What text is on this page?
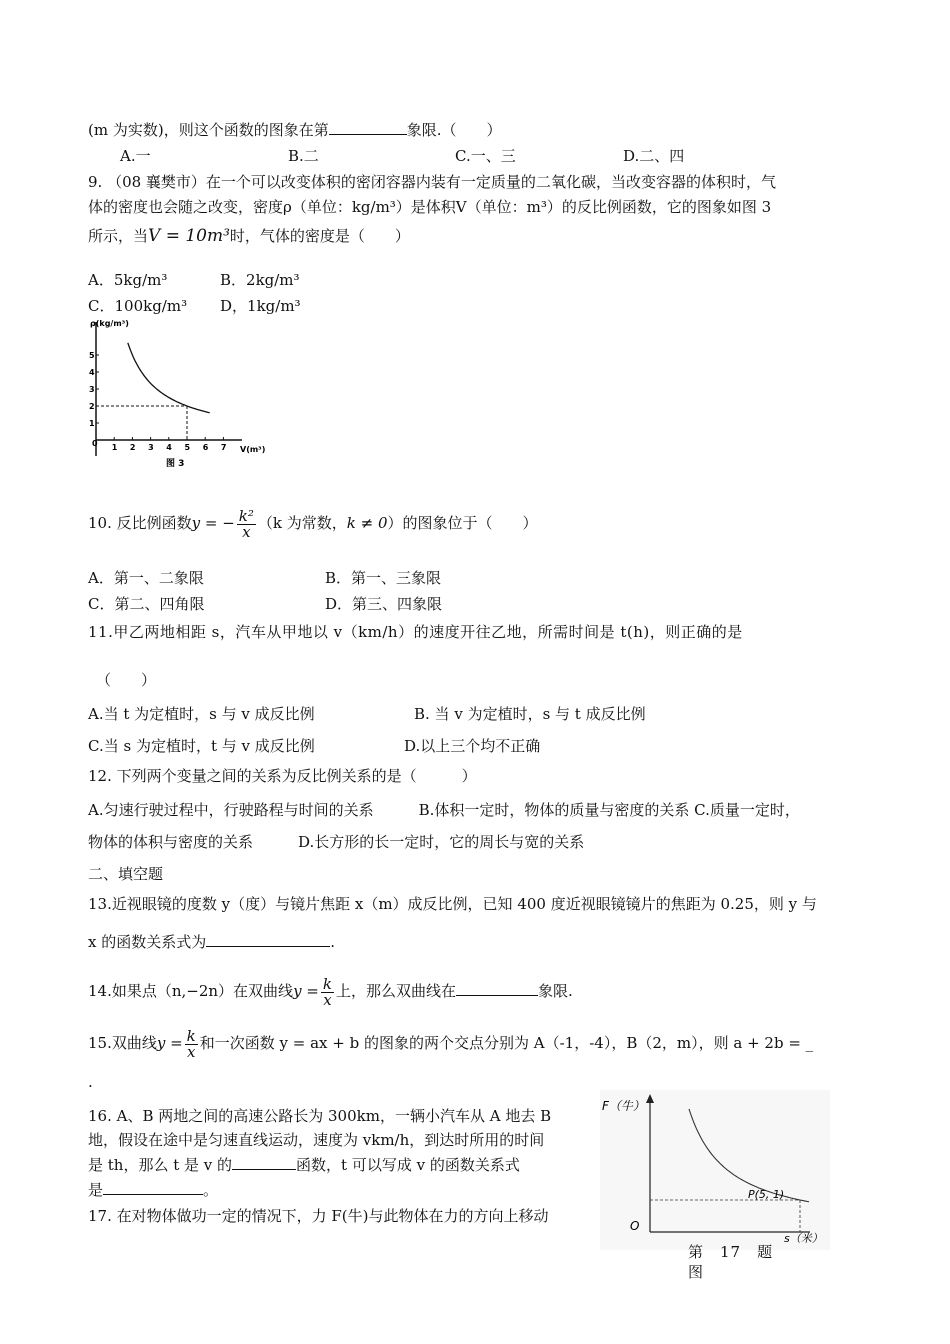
(m 为实数)，则这个函数的图象在第	象限.（　　）
A.一	B.二	C.一、三	D.二、四
9. （08 襄樊市）在一个可以改变体积的密闭容器内装有一定质量的二氧化碳，当改变容器的体积时，气
体的密度也会随之改变，密度ρ（单位：kg/m³）是体积V（单位：m³）的反比例函数，它的图象如图 3
所示，当V = 10m³时，气体的密度是（　　）
A．5kg/m³	B．2kg/m³
C．100kg/m³ D，1kg/m³
ρ(kg/m³)
V(m³)
0
1
2
3
4
5
1 2 3 4 5 6 7
图 3
10. 反比例函数y = − $\frac{\text{k²}}{x} (k$ 为常数，k ≠ 0）的图象位于（　　）
A．第一、二象限	B．第一、三象限
C．第二、四角限	D．第三、四象限
11.甲乙两地相距 s，汽车从甲地以 v（km/h）的速度开往乙地，所需时间是 t(h)，则正确的是
（　　）
A.当 t 为定植时，s 与 v 成反比例	B. 当 v 为定植时，s 与 t 成反比例
C.当 s 为定植时，t 与 v 成反比例	D.以上三个均不正确
12. 下列两个变量之间的关系为反比例关系的是（　　　）
A.匀速行驶过程中，行驶路程与时间的关系　　　B.体积一定时，物体的质量与密度的关系 C.质量一定时，
物体的体积与密度的关系　　　D.长方形的长一定时，它的周长与宽的关系
二、填空题
13.近视眼镜的度数 y（度）与镜片焦距 x（m）成反比例，已知 400 度近视眼镜镜片的焦距为 0.25，则 y 与
x 的函数关系式为	.
14.如果点（n,−2n）在双曲线$y = \frac{k}{x}$ 上，那么双曲线在	象限.
15.双曲线$y = \frac{k}{x}$ 和一次函数 y = ax + b 的图象的两个交点分别为 A（-1，-4），B（2，m），则 a + 2b = _
.
16. A、B 两地之间的高速公路长为 300km，一辆小汽车从 A 地去 B
地，假设在途中是匀速直线运动，速度为 vkm/h，到达时所用的时间
是 th，那么 t 是 v 的	函数，t 可以写成 v 的函数关系式
是	。
17. 在对物体做功一定的情况下，力 F(牛)与此物体在力的方向上移动
F（牛）
O
s（米）
P(5, 1)
第　17　题
图
